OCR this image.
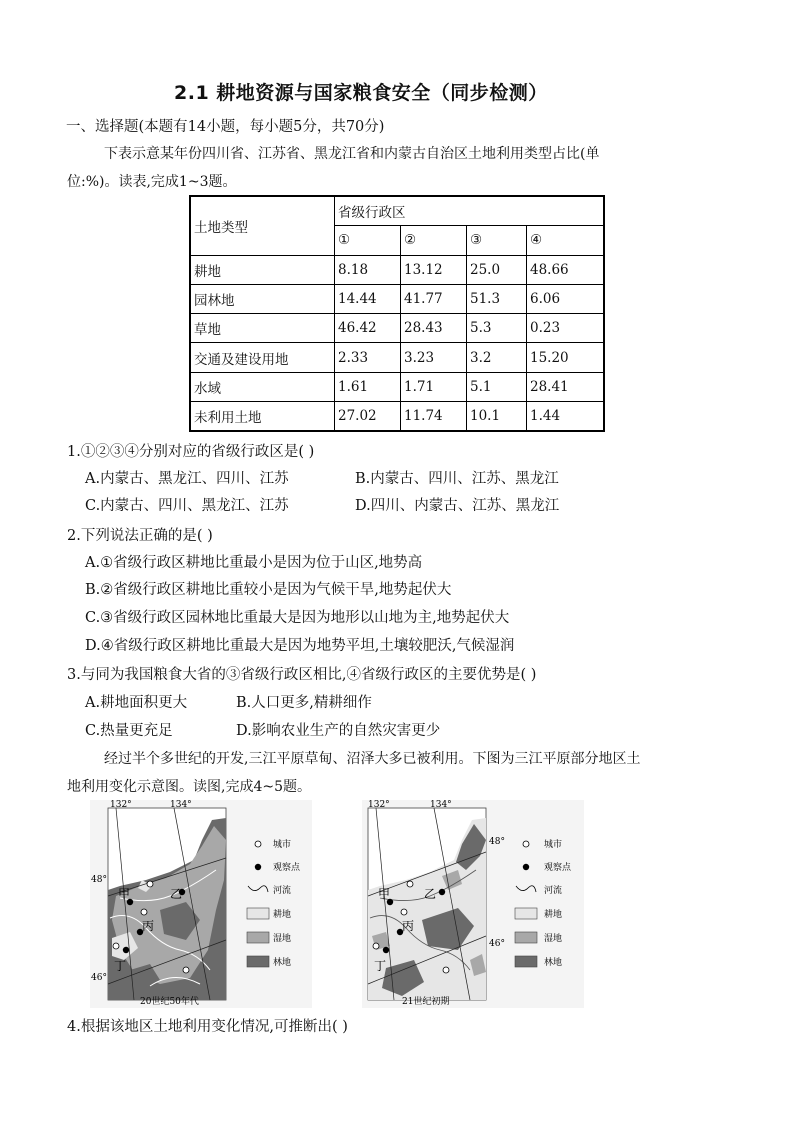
2.1 耕地资源与国家粮食安全（同步检测）
一、选择题(本题有14小题，每小题5分，共70分)
下表示意某年份四川省、江苏省、黑龙江省和内蒙古自治区土地利用类型占比(单
位:%)。读表,完成1~3题。
土地类型	省级行政区			
	①	②	③	④
耕地	8.18	13.12	25.0	48.66
园林地	14.44	41.77	51.3	6.06
草地	46.42	28.43	5.3	0.23
交通及建设用地	2.33	3.23	3.2	15.20
水域	1.61	1.71	5.1	28.41
未利用土地	27.02	11.74	10.1	1.44
1.①②③④分别对应的省级行政区是( )
A.内蒙古、黑龙江、四川、江苏	B.内蒙古、四川、江苏、黑龙江
C.内蒙古、四川、黑龙江、江苏	D.四川、内蒙古、江苏、黑龙江
2.下列说法正确的是( )
A.①省级行政区耕地比重最小是因为位于山区,地势高
B.②省级行政区耕地比重较小是因为气候干旱,地势起伏大
C.③省级行政区园林地比重最大是因为地形以山地为主,地势起伏大
D.④省级行政区耕地比重最大是因为地势平坦,土壤较肥沃,气候湿润
3.与同为我国粮食大省的③省级行政区相比,④省级行政区的主要优势是( )
A.耕地面积更大	B.人口更多,精耕细作
C.热量更充足	D.影响农业生产的自然灾害更少
经过半个多世纪的开发,三江平原草甸、沼泽大多已被利用。下图为三江平原部分地区土
地利用变化示意图。读图,完成4~5题。
132°	134°
48°
46°
甲	乙
丙
丁
城市
观察点
河流
耕地
湿地
林地
20世纪50年代
132°	134°
48°
46°
甲	乙
丙
丁
城市
观察点
河流
耕地
湿地
林地
21世纪初期
4.根据该地区土地利用变化情况,可推断出( )
